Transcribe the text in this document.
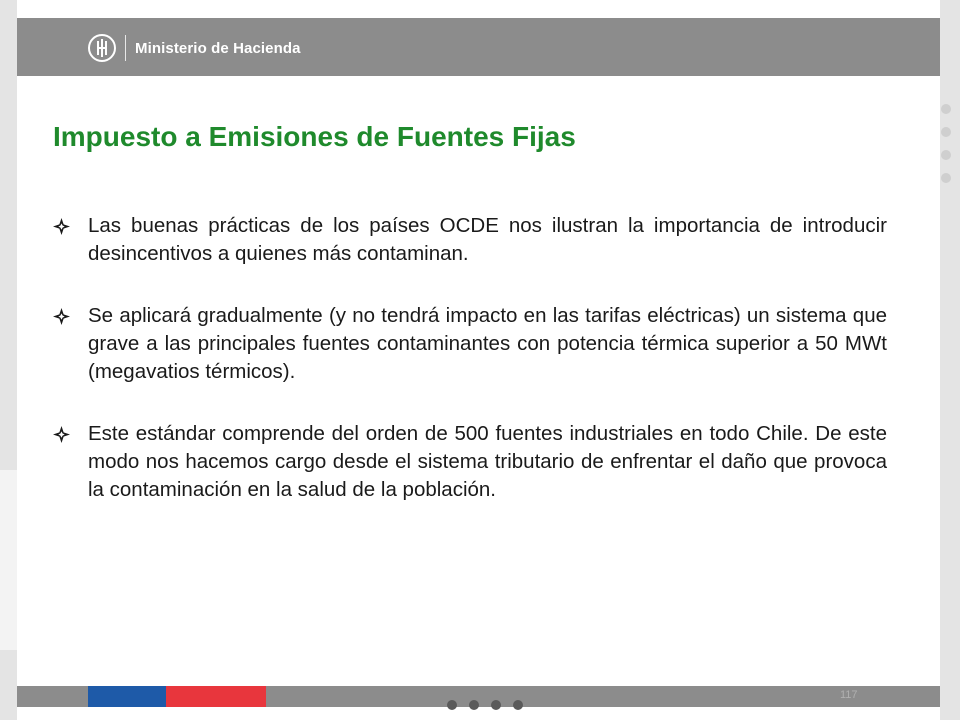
Ministerio de Hacienda
Impuesto a Emisiones de Fuentes Fijas
Las buenas prácticas de los países OCDE nos ilustran la importancia de introducir desincentivos a quienes más contaminan.
Se aplicará gradualmente (y no tendrá impacto en las tarifas eléctricas) un sistema que grave a las principales fuentes contaminantes con potencia térmica superior a 50 MWt (megavatios térmicos).
Este estándar comprende del orden de 500 fuentes industriales en todo Chile. De este modo nos hacemos cargo desde el sistema tributario de enfrentar el daño que provoca la contaminación en la salud de la población.
117
